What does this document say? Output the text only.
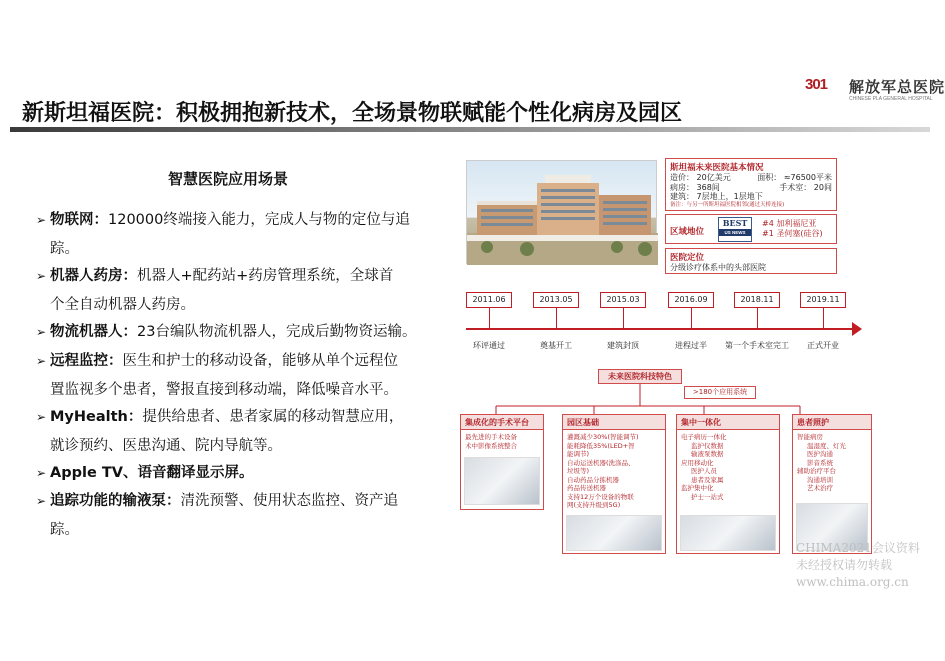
301	解放军总医院
CHINESE PLA GENERAL HOSPITAL
新斯坦福医院：积极拥抱新技术，全场景物联赋能个性化病房及园区
智慧医院应用场景
➢ 物联网：120000终端接入能力，完成人与物的定位与追
踪。
➢ 机器人药房：机器人+配药站+药房管理系统，全球首
个全自动机器人药房。
➢ 物流机器人：23台编队物流机器人，完成后勤物资运输。
➢ 远程监控：医生和护士的移动设备，能够从单个远程位
置监视多个患者，警报直接到移动端，降低噪音水平。
➢ MyHealth：提供给患者、患者家属的移动智慧应用，
就诊预约、医患沟通、院内导航等。
➢ Apple TV、语音翻译显示屏。
➢ 追踪功能的输液泵：清洗预警、使用状态监控、资产追
踪。
斯坦福未来医院基本情况
造价： 20亿美元	面积： ≈76500平米
病房： 368间	手术室： 20间
建筑： 7层地上，1层地下
备注：与另一所斯坦福医院相邻(通过天桥连接)
区域地位
BEST
US NEWS
#4 加利福尼亚
#1 圣何塞(硅谷)
医院定位
分级诊疗体系中的头部医院
2011.06	2013.05	2015.03	2016.09	2018.11	2019.11
环评通过	奠基开工	建筑封顶	进程过半	第一个手术室完工	正式开业
未来医院科技特色
>180个应用系统
集成化的手术平台
最先进的手术设备
术中影像系统整合
园区基础
灌溉减少30%(智能调节)
能耗降低35%(LED+智
能调节)
自动运送机器(洗涤品、
垃圾等)
自动药品分拣机器
药品传送机器
支持12万个设备的物联
网(支持升级到5G)
集中一体化
电子病历一体化
监护仪数据
输液泵数据
应用移动化
医护人员
患者及家属
监护集中化
护士一站式
患者照护
智能病房
温湿度、灯光
医护沟通
影音系统
辅助治疗平台
沟通培训
艺术治疗
CHIMA2021会议资料
未经授权请勿转载
www.chima.org.cn
